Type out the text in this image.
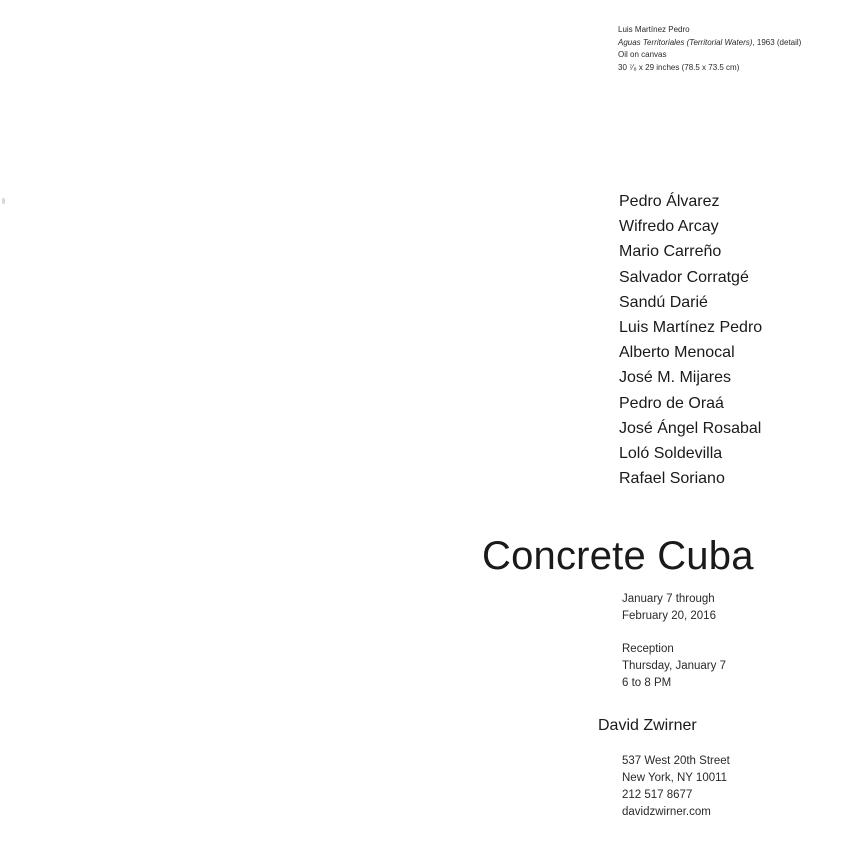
Luis Martínez Pedro
Aguas Territoriales (Territorial Waters), 1963 (detail)
Oil on canvas
30 ⁷⁄₈ x 29 inches (78.5 x 73.5 cm)
Pedro Álvarez
Wifredo Arcay
Mario Carreño
Salvador Corratgé
Sandú Darié
Luis Martínez Pedro
Alberto Menocal
José M. Mijares
Pedro de Oraá
José Ángel Rosabal
Loló Soldevilla
Rafael Soriano
Concrete Cuba
January 7 through
February 20, 2016
Reception
Thursday, January 7
6 to 8 PM
David Zwirner
537 West 20th Street
New York, NY 10011
212 517 8677
davidzwirner.com
